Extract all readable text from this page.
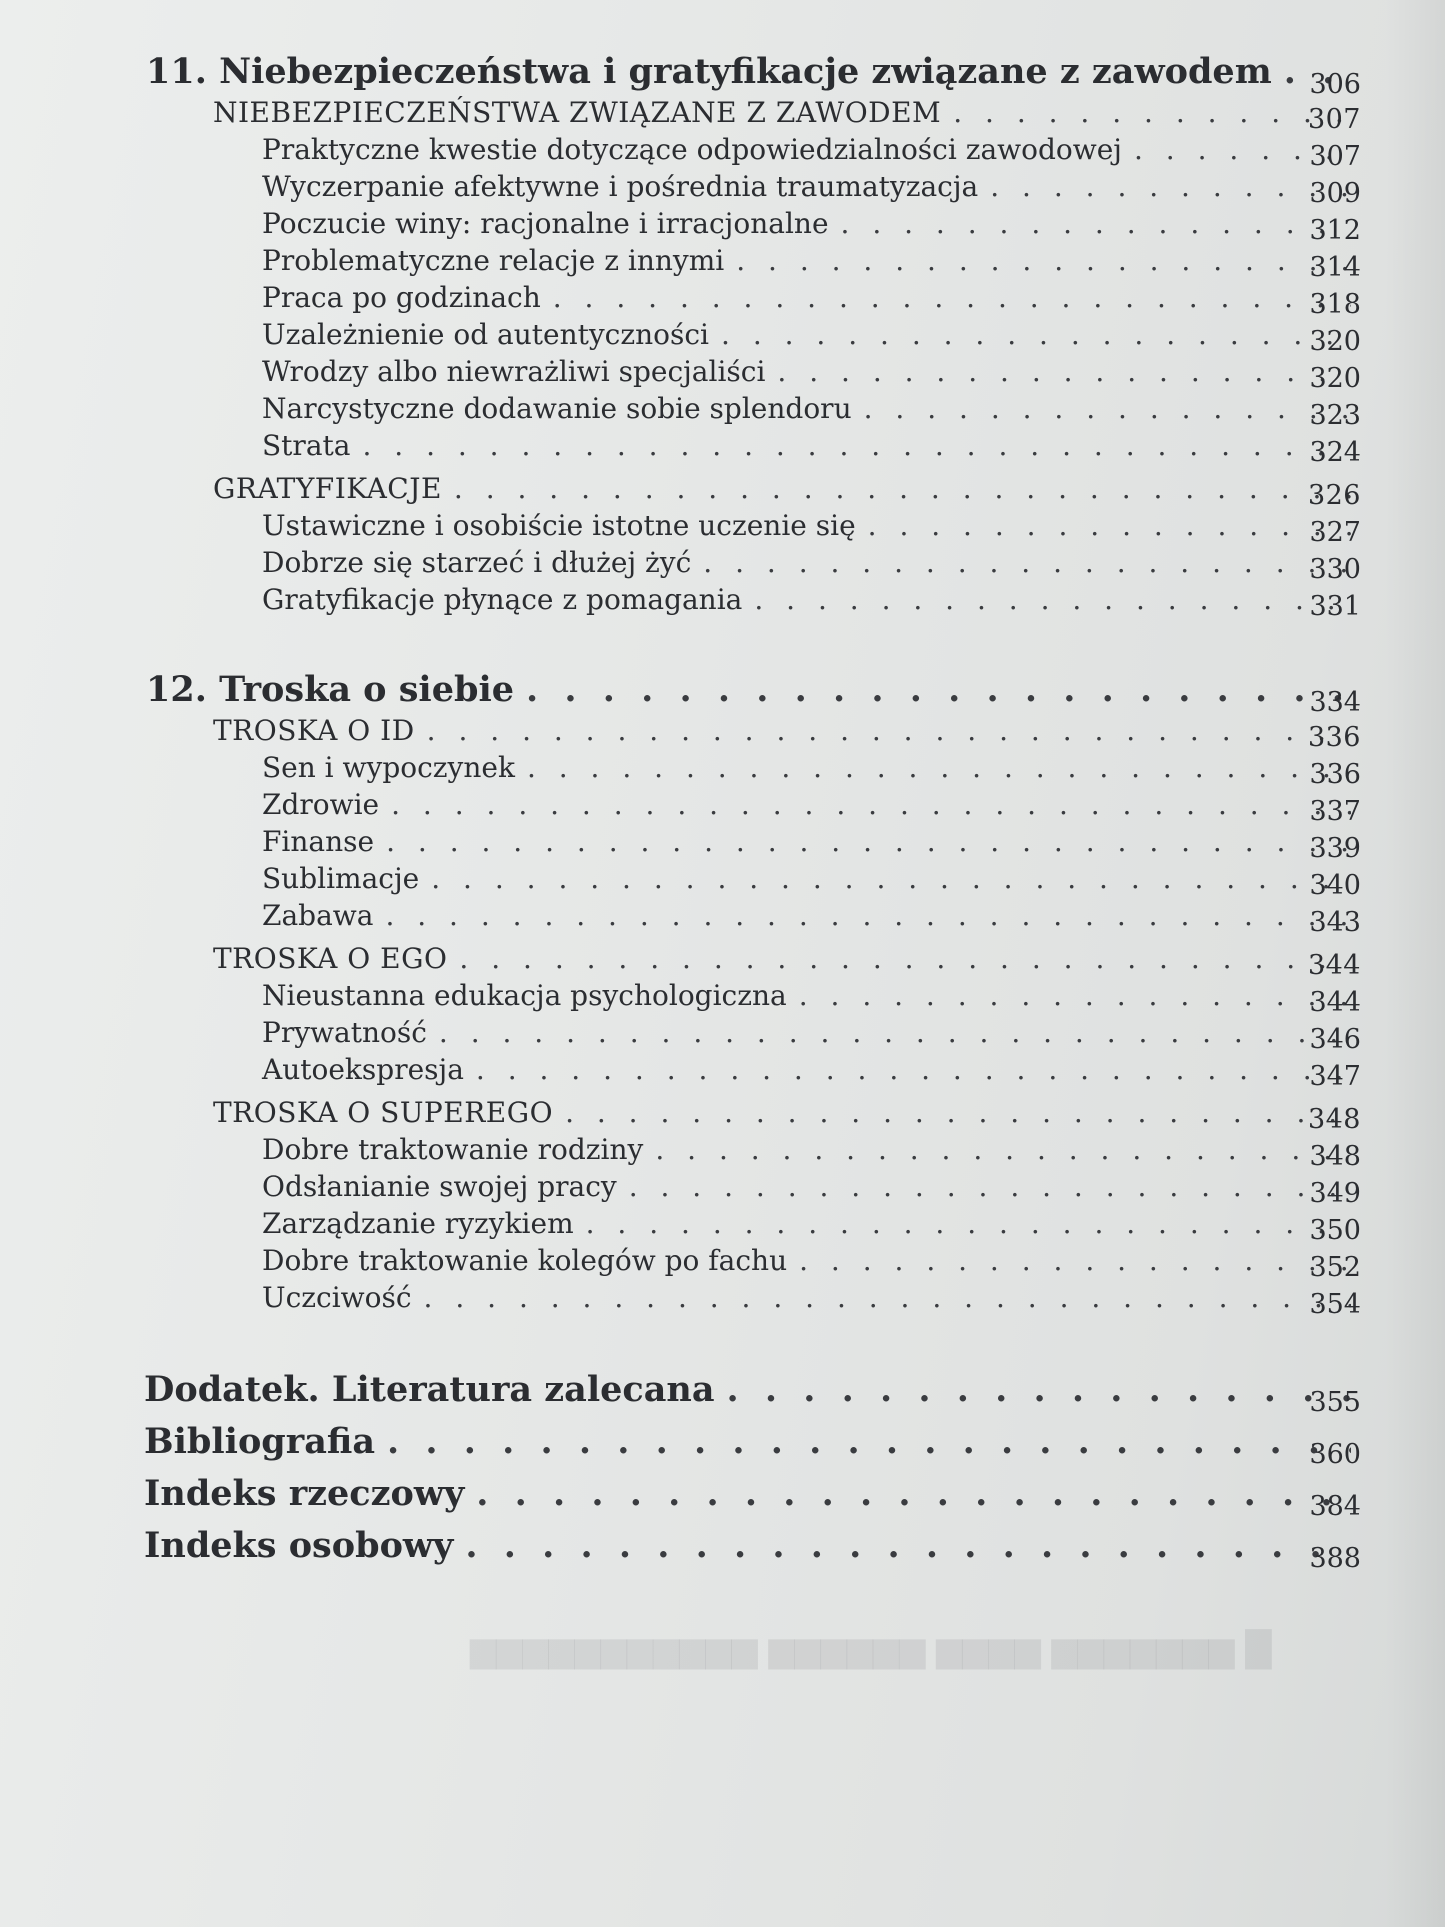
█ ▆▆▆▆▆▆▆ ▆▆▆▆ ▆▆▆▆▆▆ ▆▆▆▆▆▆▆▆▆▆▆
11. Niebezpieczeństwa i gratyfikacje związane z zawodem . . .	306
NIEBEZPIECZEŃSTWA ZWIĄZANE Z ZAWODEM . . .	307
Praktyczne kwestie dotyczące odpowiedzialności zawodowej . . .	307
Wyczerpanie afektywne i pośrednia traumatyzacja . . .	309
Poczucie winy: racjonalne i irracjonalne . . .	312
Problematyczne relacje z innymi . . .	314
Praca po godzinach . . .	318
Uzależnienie od autentyczności . . .	320
Wrodzy albo niewrażliwi specjaliści . . .	320
Narcystyczne dodawanie sobie splendoru . . .	323
Strata . . .	324
GRATYFIKACJE . . .	326
Ustawiczne i osobiście istotne uczenie się . . .	327
Dobrze się starzeć i dłużej żyć . . .	330
Gratyfikacje płynące z pomagania . . .	331
12. Troska o siebie . . .	334
TROSKA O ID . . .	336
Sen i wypoczynek . . .	336
Zdrowie . . .	337
Finanse . . .	339
Sublimacje . . .	340
Zabawa . . .	343
TROSKA O EGO . . .	344
Nieustanna edukacja psychologiczna . . .	344
Prywatność . . .	346
Autoekspresja . . .	347
TROSKA O SUPEREGO . . .	348
Dobre traktowanie rodziny . . .	348
Odsłanianie swojej pracy . . .	349
Zarządzanie ryzykiem . . .	350
Dobre traktowanie kolegów po fachu . . .	352
Uczciwość . . .	354
Dodatek. Literatura zalecana . . .	355
Bibliografia . . .	360
Indeks rzeczowy . . .	384
Indeks osobowy . . .	388
